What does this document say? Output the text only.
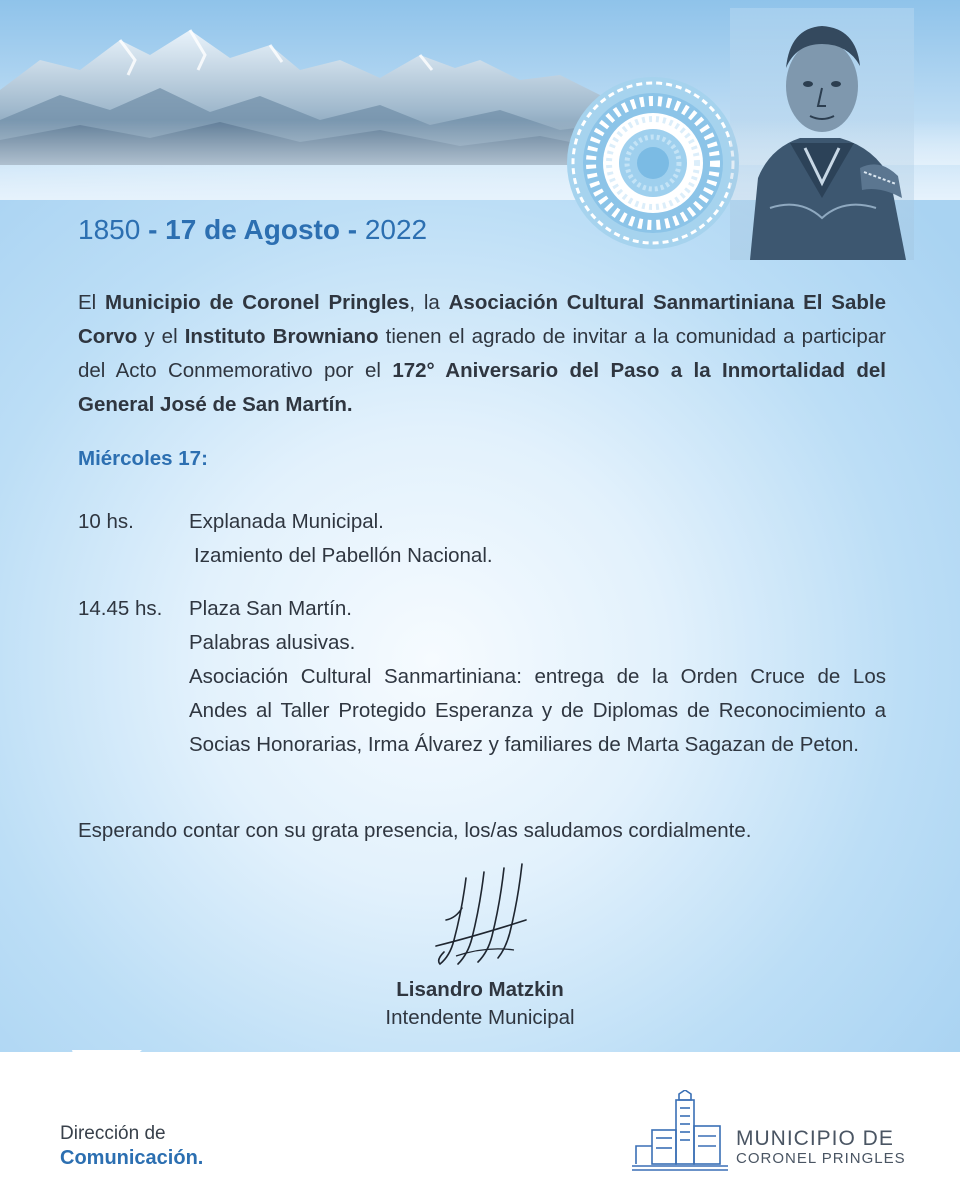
1850 - 17 de Agosto - 2022
El Municipio de Coronel Pringles, la Asociación Cultural Sanmartiniana El Sable Corvo y el Instituto Browniano tienen el agrado de invitar a la comunidad a participar del Acto Conmemorativo por el 172° Aniversario del Paso a la Inmortalidad del General José de San Martín.
Miércoles 17:
10 hs.	Explanada Municipal.

Izamiento del Pabellón Nacional.

14.45 hs.	Plaza San Martín.

Palabras alusivas.

Asociación Cultural Sanmartiniana: entrega de la Orden Cruce de Los Andes al Taller Protegido Esperanza y de Diplomas de Reconocimiento a Socias Honorarias, Irma Álvarez y familiares de Marta Sagazan de Peton.

Esperando contar con su grata presencia, los/as saludamos cordialmente.
Lisandro Matzkin
Intendente Municipal
Dirección de
Comunicación.
MUNICIPIO DE
CORONEL PRINGLES
